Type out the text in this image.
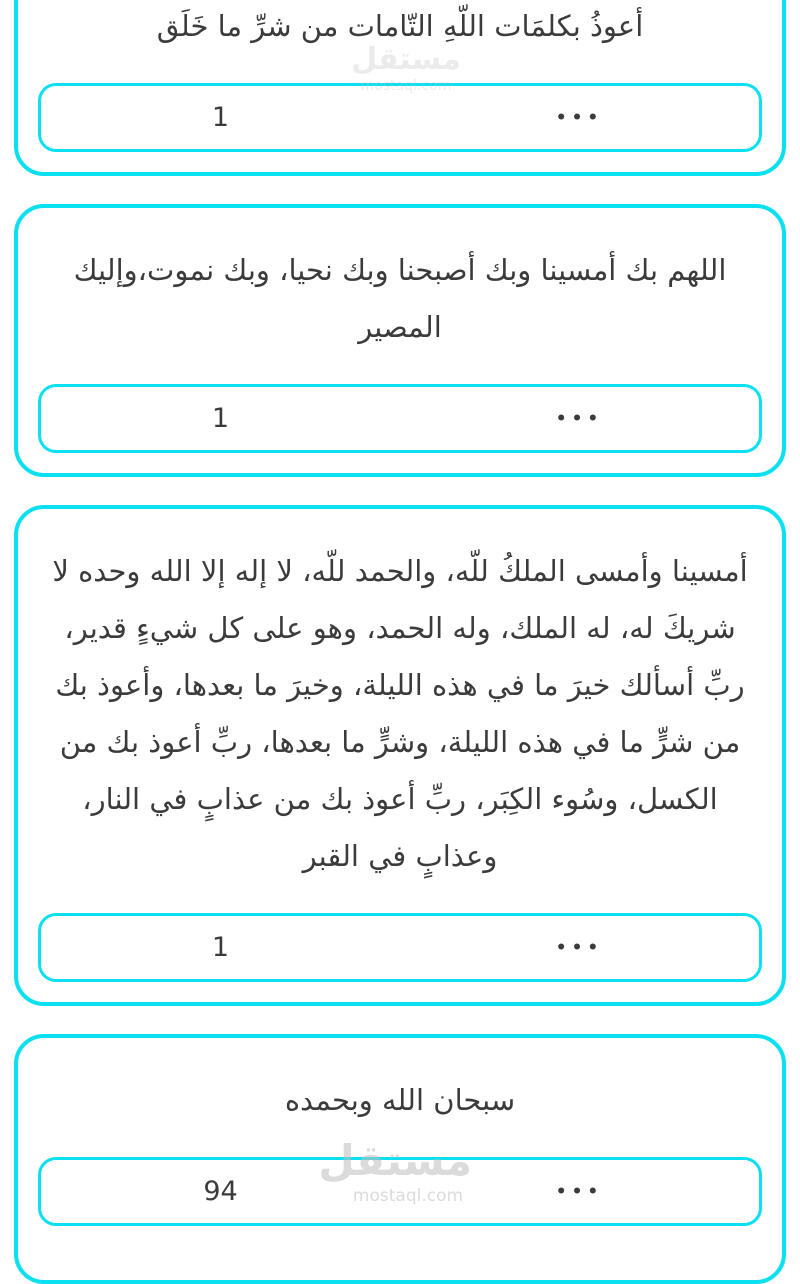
مستقل
mostaql.com
مستقل
mostaql.com

أعوذُ بكلمَات اللّهِ التّامات من شرِّ ما خَلَق

•••
1

اللهم بك أمسينا وبك أصبحنا وبك نحيا، وبك نموت،وإليك المصير

•••
1

أمسينا وأمسى الملكُ للّه، والحمد للّه، لا إله إلا الله وحده لا شريكَ له، له الملك، وله الحمد، وهو على كل شيءٍ قدير، ربِّ أسألك خيرَ ما في هذه الليلة، وخيرَ ما بعدها، وأعوذ بك من شرٍّ ما في هذه الليلة، وشرٍّ ما بعدها، ربِّ أعوذ بك من الكسل، وسُوء الكِبَر، ربِّ أعوذ بك من عذابٍ في النار، وعذابٍ في القبر

•••
1

سبحان الله وبحمده

•••
94
